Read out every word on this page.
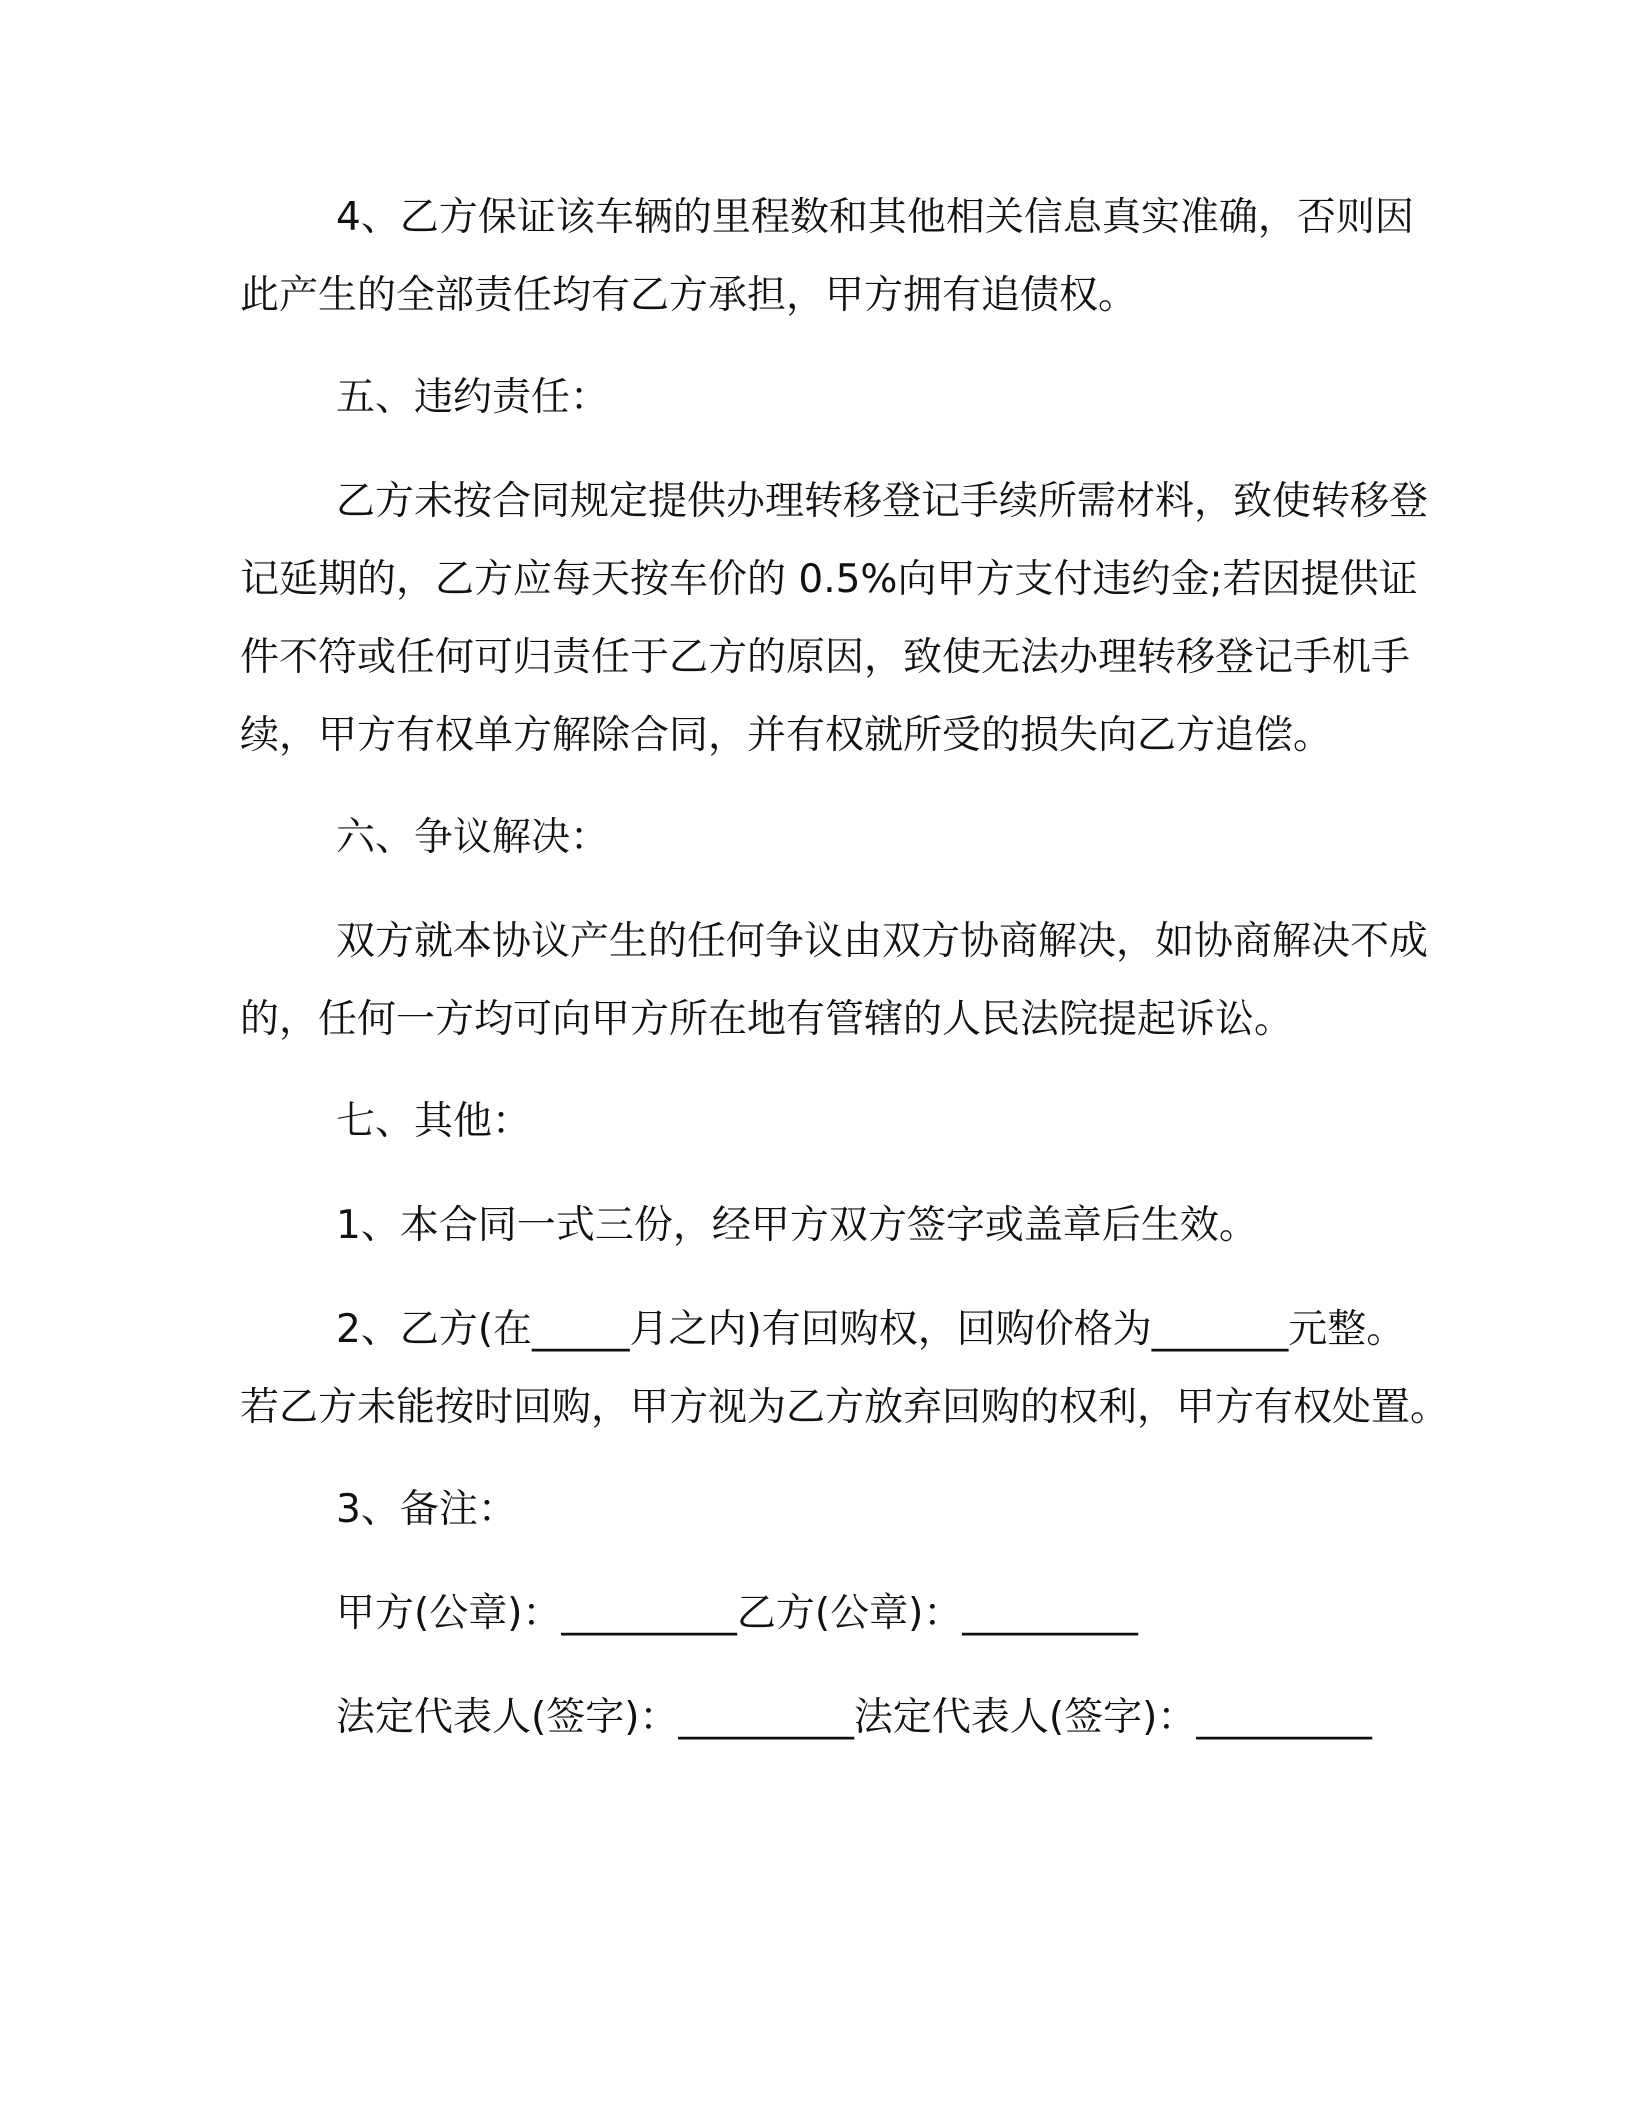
4、乙方保证该车辆的里程数和其他相关信息真实准确，否则因
此产生的全部责任均有乙方承担，甲方拥有追债权。
五、违约责任：
乙方未按合同规定提供办理转移登记手续所需材料，致使转移登
记延期的，乙方应每天按车价的 0.5%向甲方支付违约金;若因提供证
件不符或任何可归责任于乙方的原因，致使无法办理转移登记手机手
续，甲方有权单方解除合同，并有权就所受的损失向乙方追偿。
六、争议解决：
双方就本协议产生的任何争议由双方协商解决，如协商解决不成
的，任何一方均可向甲方所在地有管辖的人民法院提起诉讼。
七、其他：
1、本合同一式三份，经甲方双方签字或盖章后生效。
2、乙方(在_____月之内)有回购权，回购价格为_______元整。
若乙方未能按时回购，甲方视为乙方放弃回购的权利，甲方有权处置。
3、备注：
甲方(公章)：_________乙方(公章)：_________
法定代表人(签字)：_________法定代表人(签字)：_________
